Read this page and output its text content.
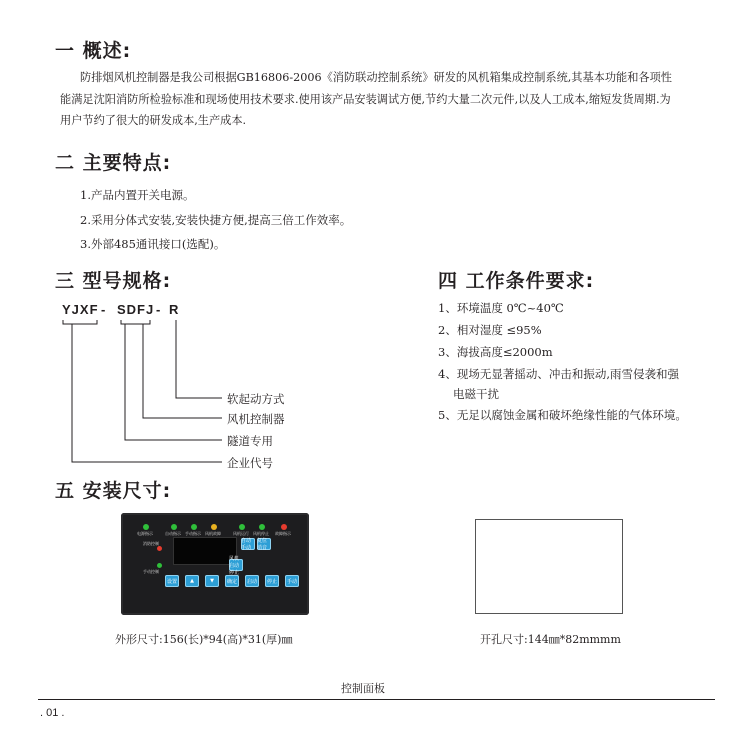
一 概述:
防排烟风机控制器是我公司根据GB16806-2006《消防联动控制系统》研发的风机箱集成控制系统,其基本功能和各项性
能满足沈阳消防所检验标准和现场使用技术要求.使用该产品安装调试方便,节约大量二次元件,以及人工成本,缩短发货周期.为
用户节约了很大的研发成本,生产成本.
二 主要特点:
1.产品内置开关电源。
2.采用分体式安装,安装快捷方便,提高三倍工作效率。
3.外部485通讯接口(选配)。
三 型号规格:
YJXF - SDFJ - R
软起动方式
风机控制器
隧道专用
企业代号
四 工作条件要求:
1、环境温度 0℃~40℃
2、相对湿度 ≤95%
3、海拔高度≤2000m
4、现场无显著摇动、冲击和振动,雨雪侵袭和强
电磁干扰
5、无足以腐蚀金属和破坏绝缘性能的气体环境。
五 安装尺寸:
电源指示	自动指示 手动指示 风机故障	风机运行 风机停止 故障指示
消防控制
手动控制
自动手动
复位消音
风机启动停止
设置	▲	▼	确定	启动	停止	手动
外形尺寸:156(长)*94(高)*31(厚)㎜	开孔尺寸:144㎜*82mmmm
控制面板
. 01 .
